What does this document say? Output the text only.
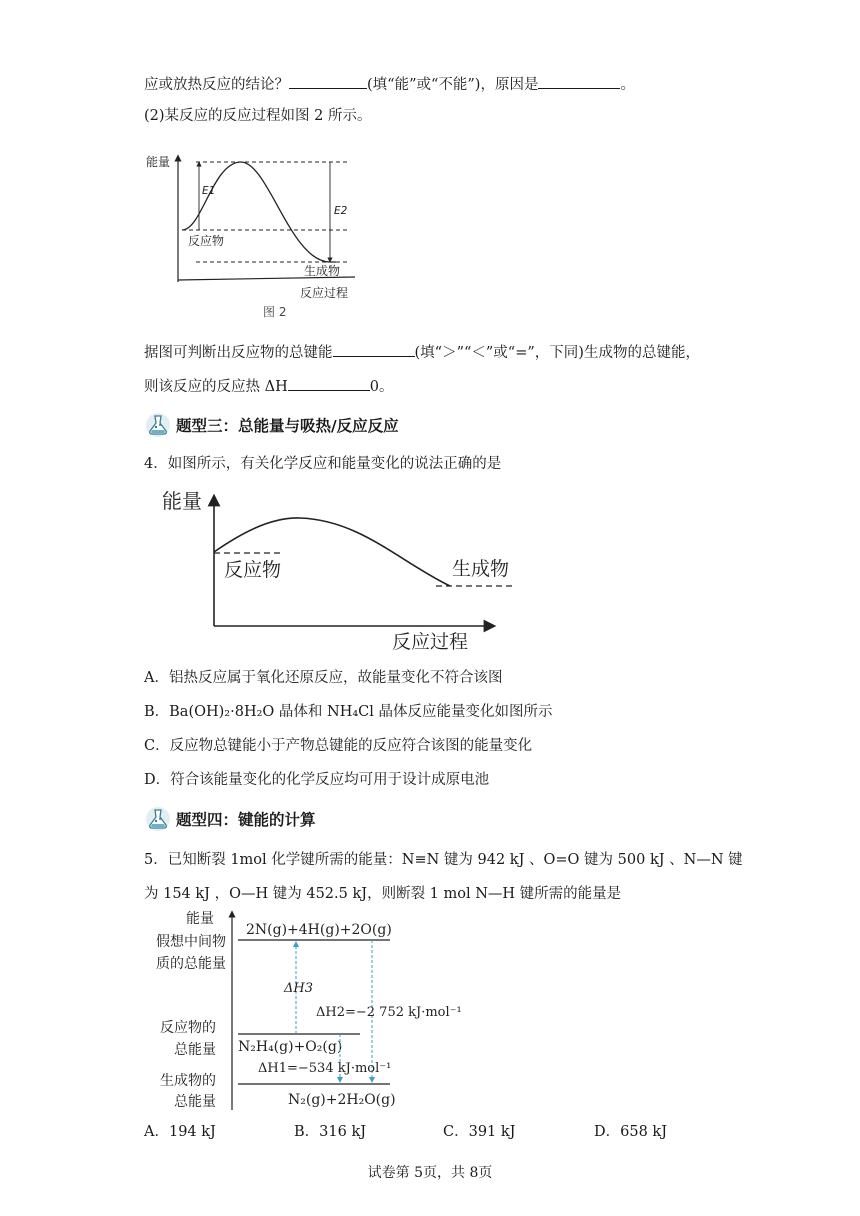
应或放热反应的结论？	(填“能”或“不能”)，原因是	。
(2)某反应的反应过程如图 2 所示。
能量
E1
E2
反应物
生成物
反应过程
图 2
据图可判断出反应物的总键能	(填“＞”“＜”或“=”，下同)生成物的总键能，
则该反应的反应热 ΔH	0。
题型三：总能量与吸热/反应反应
4．如图所示，有关化学反应和能量变化的说法正确的是
能量
反应物	生成物
反应过程
A．铝热反应属于氧化还原反应，故能量变化不符合该图
B．Ba(OH)₂·8H₂O 晶体和 NH₄Cl 晶体反应能量变化如图所示
C．反应物总键能小于产物总键能的反应符合该图的能量变化
D．符合该能量变化的化学反应均可用于设计成原电池
题型四：键能的计算
5．已知断裂 1mol 化学键所需的能量：N≡N 键为 942 kJ 、O=O 键为 500 kJ 、N—N 键
为 154 kJ ，O—H 键为 452.5 kJ，则断裂 1 mol N—H 键所需的能量是
能量
假想中间物
质的总能量
2N(g)+4H(g)+2O(g)
反应物的
总能量 N₂H₄(g)+O₂(g)
生成物的
总能量	N₂(g)+2H₂O(g)
ΔH3
ΔH2=−2 752 kJ·mol⁻¹
ΔH1=−534 kJ·mol⁻¹
A．194 kJ	B．316 kJ	C．391 kJ	D．658 kJ
试卷第 5页，共 8页
